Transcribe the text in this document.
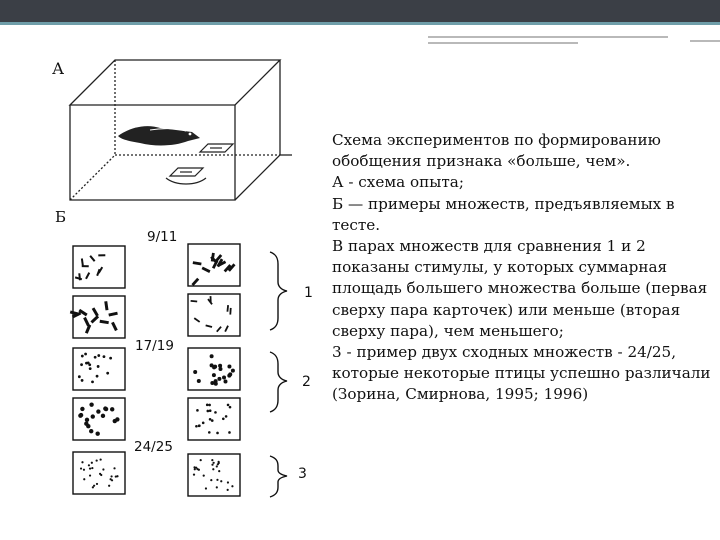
А
Б
9/11
17/19
24/25
1
2
3
Схема экспериментов по формированию обобщения признака «больше, чем».
А - схема опыта;
Б — примеры множеств, предъявляемых в тесте.
В парах множеств для сравнения 1 и 2 показаны стимулы, у которых суммарная площадь большего множества больше (первая сверху пара карточек) или меньше (вторая сверху пара), чем меньшего;
3 - пример двух сходных множеств - 24/25, которые некоторые птицы успешно различали (Зорина, Смирнова, 1995; 1996)
